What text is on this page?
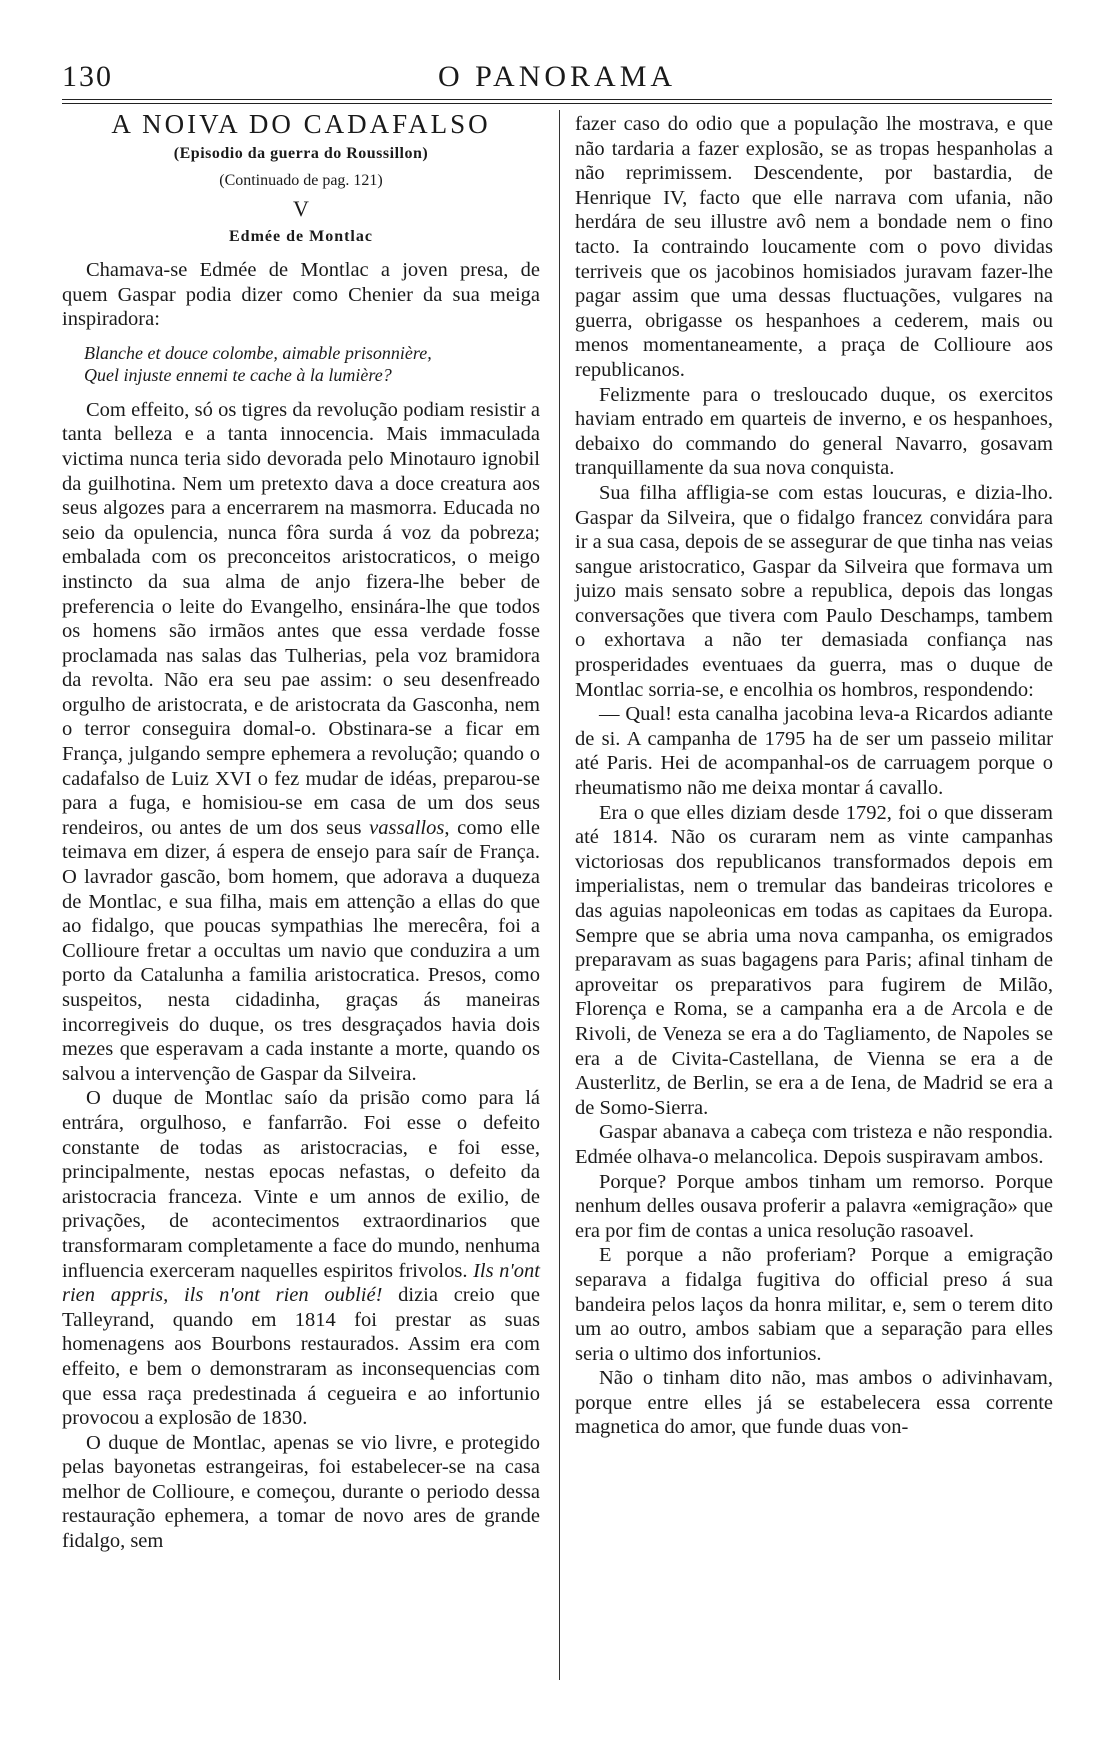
130	O PANORAMA
A NOIVA DO CADAFALSO
(Episodio da guerra do Roussillon)
(Continuado de pag. 121)
V
Edmée de Montlac

Chamava-se Edmée de Montlac a joven presa, de quem Gaspar podia dizer como Chenier da sua meiga inspiradora:

Blanche et douce colombe, aimable prisonnière,
Quel injuste ennemi te cache à la lumière?

Com effeito, só os tigres da revolução podiam resistir a tanta belleza e a tanta innocencia. Mais immaculada victima nunca teria sido devorada pelo Minotauro ignobil da guilhotina. Nem um pretexto dava a doce creatura aos seus algozes para a encerrarem na masmorra. Educada no seio da opulencia, nunca fôra surda á voz da pobreza; embalada com os preconceitos aristocraticos, o meigo instincto da sua alma de anjo fizera-lhe beber de preferencia o leite do Evangelho, ensinára-lhe que todos os homens são irmãos antes que essa verdade fosse proclamada nas salas das Tulherias, pela voz bramidora da revolta. Não era seu pae assim: o seu desenfreado orgulho de aristocrata, e de aristocrata da Gasconha, nem o terror conseguira domal-o. Obstinara-se a ficar em França, julgando sempre ephemera a revolução; quando o cadafalso de Luiz XVI o fez mudar de idéas, preparou-se para a fuga, e homisiou-se em casa de um dos seus rendeiros, ou antes de um dos seus vassallos, como elle teimava em dizer, á espera de ensejo para saír de França. O lavrador gascão, bom homem, que adorava a duqueza de Montlac, e sua filha, mais em attenção a ellas do que ao fidalgo, que poucas sympathias lhe merecêra, foi a Collioure fretar a occultas um navio que conduzira a um porto da Catalunha a familia aristocratica. Presos, como suspeitos, nesta cidadinha, graças ás maneiras incorregiveis do duque, os tres desgraçados havia dois mezes que esperavam a cada instante a morte, quando os salvou a intervenção de Gaspar da Silveira.

O duque de Montlac saío da prisão como para lá entrára, orgulhoso, e fanfarrão. Foi esse o defeito constante de todas as aristocracias, e foi esse, principalmente, nestas epocas nefastas, o defeito da aristocracia franceza. Vinte e um annos de exilio, de privações, de acontecimentos extraordinarios que transformaram completamente a face do mundo, nenhuma influencia exerceram naquelles espiritos frivolos. Ils n'ont rien appris, ils n'ont rien oublié! dizia creio que Talleyrand, quando em 1814 foi prestar as suas homenagens aos Bourbons restaurados. Assim era com effeito, e bem o demonstraram as inconsequencias com que essa raça predestinada á cegueira e ao infortunio provocou a explosão de 1830.

O duque de Montlac, apenas se vio livre, e protegido pelas bayonetas estrangeiras, foi estabelecer-se na casa melhor de Collioure, e começou, durante o periodo dessa restauração ephemera, a tomar de novo ares de grande fidalgo, sem

fazer caso do odio que a população lhe mostrava, e que não tardaria a fazer explosão, se as tropas hespanholas a não reprimissem. Descendente, por bastardia, de Henrique IV, facto que elle narrava com ufania, não herdára de seu illustre avô nem a bondade nem o fino tacto. Ia contraindo loucamente com o povo dividas terriveis que os jacobinos homisiados juravam fazer-lhe pagar assim que uma dessas fluctuações, vulgares na guerra, obrigasse os hespanhoes a cederem, mais ou menos momentaneamente, a praça de Collioure aos republicanos.

Felizmente para o tresloucado duque, os exercitos haviam entrado em quarteis de inverno, e os hespanhoes, debaixo do commando do general Navarro, gosavam tranquillamente da sua nova conquista.

Sua filha affligia-se com estas loucuras, e dizia-lho. Gaspar da Silveira, que o fidalgo francez convidára para ir a sua casa, depois de se assegurar de que tinha nas veias sangue aristocratico, Gaspar da Silveira que formava um juizo mais sensato sobre a republica, depois das longas conversações que tivera com Paulo Deschamps, tambem o exhortava a não ter demasiada confiança nas prosperidades eventuaes da guerra, mas o duque de Montlac sorria-se, e encolhia os hombros, respondendo:

— Qual! esta canalha jacobina leva-a Ricardos adiante de si. A campanha de 1795 ha de ser um passeio militar até Paris. Hei de acompanhal-os de carruagem porque o rheumatismo não me deixa montar á cavallo.

Era o que elles diziam desde 1792, foi o que disseram até 1814. Não os curaram nem as vinte campanhas victoriosas dos republicanos transformados depois em imperialistas, nem o tremular das bandeiras tricolores e das aguias napoleonicas em todas as capitaes da Europa. Sempre que se abria uma nova campanha, os emigrados preparavam as suas bagagens para Paris; afinal tinham de aproveitar os preparativos para fugirem de Milão, Florença e Roma, se a campanha era a de Arcola e de Rivoli, de Veneza se era a do Tagliamento, de Napoles se era a de Civita-Castellana, de Vienna se era a de Austerlitz, de Berlin, se era a de Iena, de Madrid se era a de Somo-Sierra.

Gaspar abanava a cabeça com tristeza e não respondia. Edmée olhava-o melancolica. Depois suspiravam ambos.

Porque? Porque ambos tinham um remorso. Porque nenhum delles ousava proferir a palavra «emigração» que era por fim de contas a unica resolução rasoavel.

E porque a não proferiam? Porque a emigração separava a fidalga fugitiva do official preso á sua bandeira pelos laços da honra militar, e, sem o terem dito um ao outro, ambos sabiam que a separação para elles seria o ultimo dos infortunios.

Não o tinham dito não, mas ambos o adivinhavam, porque entre elles já se estabelecera essa corrente magnetica do amor, que funde duas von-
